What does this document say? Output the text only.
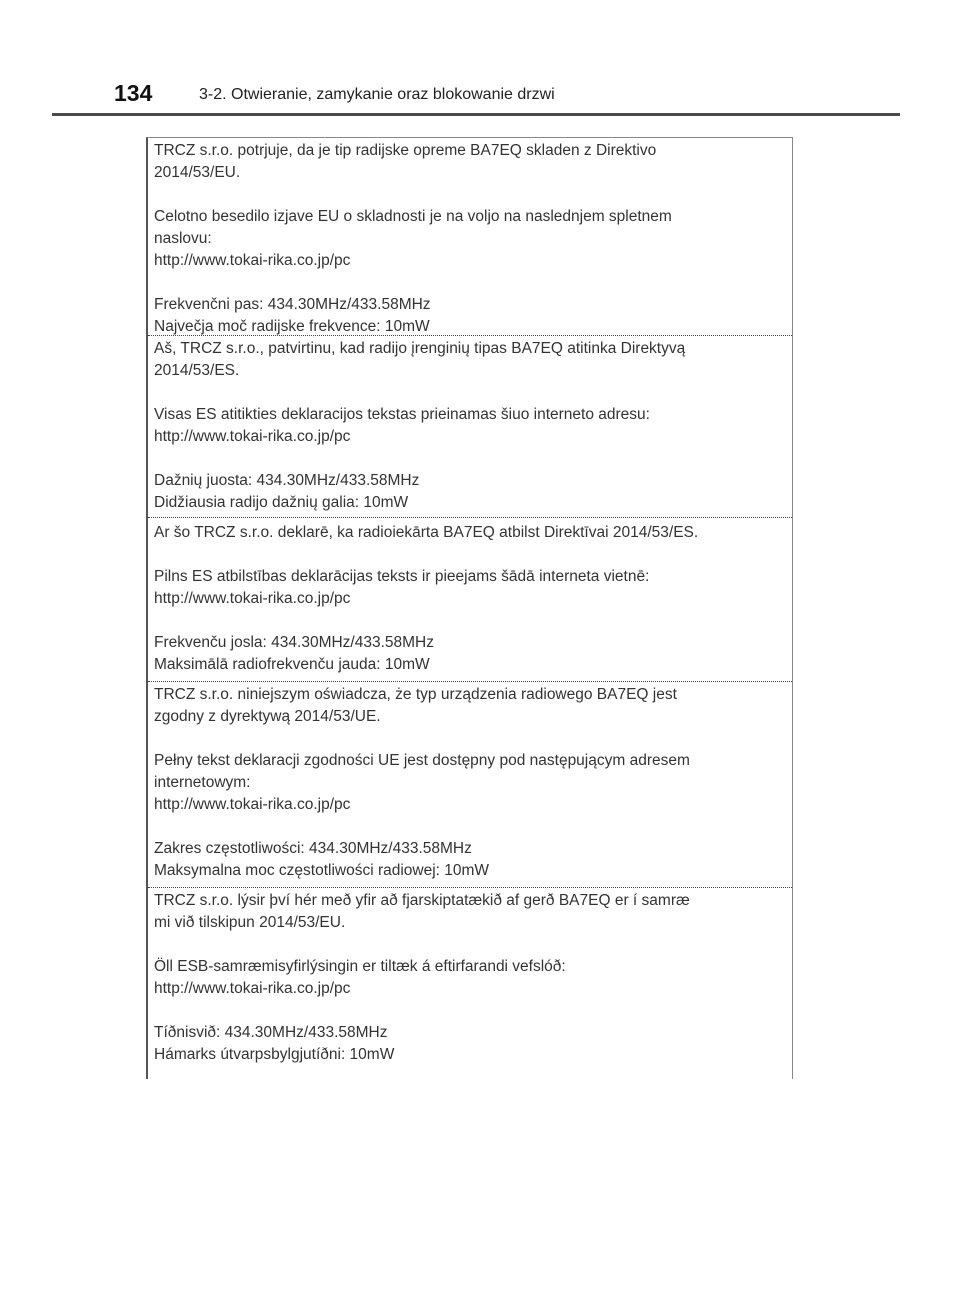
134	3-2. Otwieranie, zamykanie oraz blokowanie drzwi

TRCZ s.r.o. potrjuje, da je tip radijske opreme BA7EQ skladen z Direktivo

2014/53/EU.

Celotno besedilo izjave EU o skladnosti je na voljo na naslednjem spletnem

naslovu:

http://www.tokai-rika.co.jp/pc

Frekvenčni pas: 434.30MHz/433.58MHz

Največja moč radijske frekvence: 10mW

Aš, TRCZ s.r.o., patvirtinu, kad radijo įrenginių tipas BA7EQ atitinka Direktyvą

2014/53/ES.

Visas ES atitikties deklaracijos tekstas prieinamas šiuo interneto adresu:

http://www.tokai-rika.co.jp/pc

Dažnių juosta: 434.30MHz/433.58MHz

Didžiausia radijo dažnių galia: 10mW

Ar šo TRCZ s.r.o. deklarē, ka radioiekārta BA7EQ atbilst Direktīvai 2014/53/ES.

Pilns ES atbilstības deklarācijas teksts ir pieejams šādā interneta vietnē:

http://www.tokai-rika.co.jp/pc

Frekvenču josla: 434.30MHz/433.58MHz

Maksimālā radiofrekvenču jauda: 10mW

TRCZ s.r.o. niniejszym oświadcza, że typ urządzenia radiowego BA7EQ jest

zgodny z dyrektywą 2014/53/UE.

Pełny tekst deklaracji zgodności UE jest dostępny pod następującym adresem

internetowym:

http://www.tokai-rika.co.jp/pc

Zakres częstotliwości: 434.30MHz/433.58MHz

Maksymalna moc częstotliwości radiowej: 10mW

TRCZ s.r.o. lýsir því hér með yfir að fjarskiptatækið af gerð BA7EQ er í samræ

mi við tilskipun 2014/53/EU.

Öll ESB-samræmisyfirlýsingin er tiltæk á eftirfarandi vefslóð:

http://www.tokai-rika.co.jp/pc

Tíðnisvið: 434.30MHz/433.58MHz

Hámarks útvarpsbylgjutíðni: 10mW
